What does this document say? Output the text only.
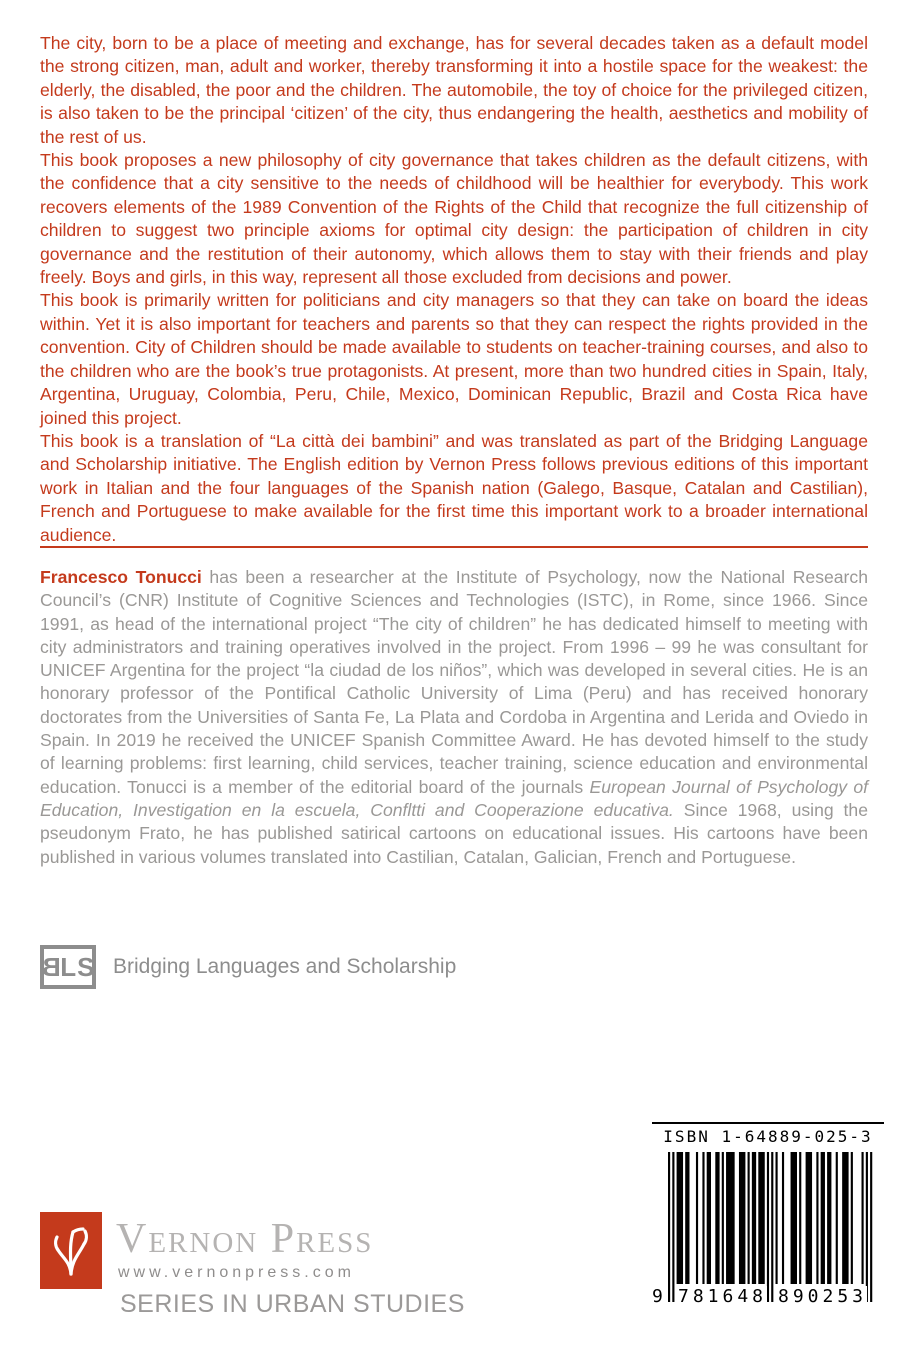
The city, born to be a place of meeting and exchange, has for several decades taken as a default model the strong citizen, man, adult and worker, thereby transforming it into a hostile space for the weakest: the elderly, the disabled, the poor and the children. The automobile, the toy of choice for the privileged citizen, is also taken to be the principal ‘citizen’ of the city, thus endangering the health, aesthetics and mobility of the rest of us.

This book proposes a new philosophy of city governance that takes children as the default citizens, with the confidence that a city sensitive to the needs of childhood will be healthier for everybody. This work recovers elements of the 1989 Convention of the Rights of the Child that recognize the full citizenship of children to suggest two principle axioms for optimal city design: the participation of children in city governance and the restitution of their autonomy, which allows them to stay with their friends and play freely. Boys and girls, in this way, represent all those excluded from decisions and power.

This book is primarily written for politicians and city managers so that they can take on board the ideas within. Yet it is also important for teachers and parents so that they can respect the rights provided in the convention. City of Children should be made available to students on teacher-training courses, and also to the children who are the book’s true protagonists. At present, more than two hundred cities in Spain, Italy, Argentina, Uruguay, Colombia, Peru, Chile, Mexico, Dominican Republic, Brazil and Costa Rica have joined this project.

This book is a translation of “La città dei bambini” and was translated as part of the Bridging Language and Scholarship initiative. The English edition by Vernon Press follows previous editions of this important work in Italian and the four languages of the Spanish nation (Galego, Basque, Catalan and Castilian), French and Portuguese to make available for the first time this important work to a broader international audience.

Francesco Tonucci has been a researcher at the Institute of Psychology, now the National Research Council’s (CNR) Institute of Cognitive Sciences and Technologies (ISTC), in Rome, since 1966. Since 1991, as head of the international project “The city of children” he has dedicated himself to meeting with city administrators and training operatives involved in the project. From 1996 – 99 he was consultant for UNICEF Argentina for the project “la ciudad de los niños”, which was developed in several cities. He is an honorary professor of the Pontifical Catholic University of Lima (Peru) and has received honorary doctorates from the Universities of Santa Fe, La Plata and Cordoba in Argentina and Lerida and Oviedo in Spain. In 2019 he received the UNICEF Spanish Committee Award. He has devoted himself to the study of learning problems: first learning, child services, teacher training, science education and environmental education. Tonucci is a member of the editorial board of the journals European Journal of Psychology of Education, Investigation en la escuela, Confltti and Cooperazione educativa. Since 1968, using the pseudonym Frato, he has published satirical cartoons on educational issues. His cartoons have been published in various volumes translated into Castilian, Catalan, Galician, French and Portuguese.
B L S Bridging Languages and Scholarship
ISBN 1-64889-025-3
9 781648 890253
Vernon Press
www.vernonpress.com
SERIES IN URBAN STUDIES
